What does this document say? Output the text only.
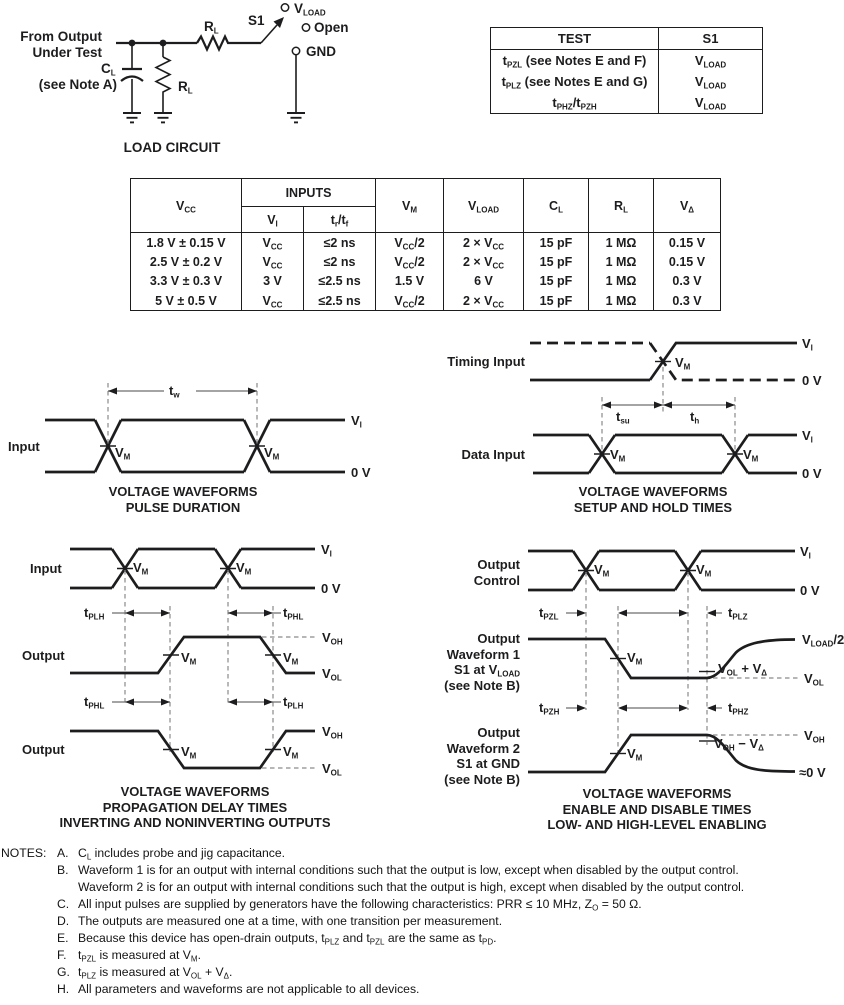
From Output
Under Test
$C_L$
(see Note A)
$R_L$
$R_L$
S1
$V_{LOAD}$
Open
GND
LOAD CIRCUIT
TEST	S1
$t_{PZL}$ (see Notes E and F)	$V_{LOAD}$
$t_{PLZ}$ (see Notes E and G)	$V_{LOAD}$
$t_{PHZ}/t_{PZH}$	$V_{LOAD}$
$V_{CC}$	INPUTS		$V_M$	$V_{LOAD}$	$C_L$	$R_L$	$V_\Delta$
	$V_I$	$t_r/t_f$
1.8 V ± 0.15 V	$V_{CC}$	≤2 ns	$V_{CC}/2$	$2 \times V_{CC}$	15 pF	1 MΩ	0.15 V
2.5 V ± 0.2 V	$V_{CC}$	≤2 ns	$V_{CC}/2$	$2 \times V_{CC}$	15 pF	1 MΩ	0.15 V
3.3 V ± 0.3 V	3 V	≤2.5 ns	1.5 V	6 V	15 pF	1 MΩ	0.3 V
5 V ± 0.5 V	$V_{CC}$	≤2.5 ns	$V_{CC}/2$	$2 \times V_{CC}$	15 pF	1 MΩ	0.3 V
Input
$t_w$
$V_M$	$V_M$
$V_I$
0 V
VOLTAGE WAVEFORMS
PULSE DURATION
Timing Input	$V_M$
$V_I$
0 V
$t_{su}$	$t_h$
Data Input	$V_M$	$V_M$
$V_I$
0 V
VOLTAGE WAVEFORMS
SETUP AND HOLD TIMES
Input	$V_M$	$V_M$
$V_I$
0 V
$t_{PLH}$	$t_{PHL}$
Output	$V_M$	$V_M$
$V_{OH}$
$V_{OL}$
$t_{PHL}$	$t_{PLH}$
Output	$V_M$	$V_M$
$V_{OH}$
$V_{OL}$
VOLTAGE WAVEFORMS
PROPAGATION DELAY TIMES
INVERTING AND NONINVERTING OUTPUTS
Output
Control
$V_M$	$V_M$
$V_I$
0 V
$t_{PZL}$	$t_{PLZ}$
Output
Waveform 1
S1 at $V_{LOAD}$
(see Note B)
$V_M$	$V_{OL} + V_\Delta$
$V_{LOAD}/2$
$V_{OL}$
$t_{PZH}$	$t_{PHZ}$
Output
Waveform 2
S1 at GND
(see Note B)
$V_M$
$V_{OH} - V_\Delta$
$V_{OH}$
≈0 V
VOLTAGE WAVEFORMS
ENABLE AND DISABLE TIMES
LOW- AND HIGH-LEVEL ENABLING
NOTES: A. $C_L$ includes probe and jig capacitance.
B. Waveform 1 is for an output with internal conditions such that the output is low, except when disabled by the output control.
Waveform 2 is for an output with internal conditions such that the output is high, except when disabled by the output control.
C. All input pulses are supplied by generators have the following characteristics: PRR ≤ 10 MHz, $Z_O = 50$ Ω.
D. The outputs are measured one at a time, with one transition per measurement.
E. Because this device has open-drain outputs, $t_{PLZ}$ and $t_{PZL}$ are the same as $t_{PD}$.
F. $t_{PZL}$ is measured at $V_M$.
G. $t_{PLZ}$ is measured at $V_{OL} + V_\Delta$.
H. All parameters and waveforms are not applicable to all devices.
